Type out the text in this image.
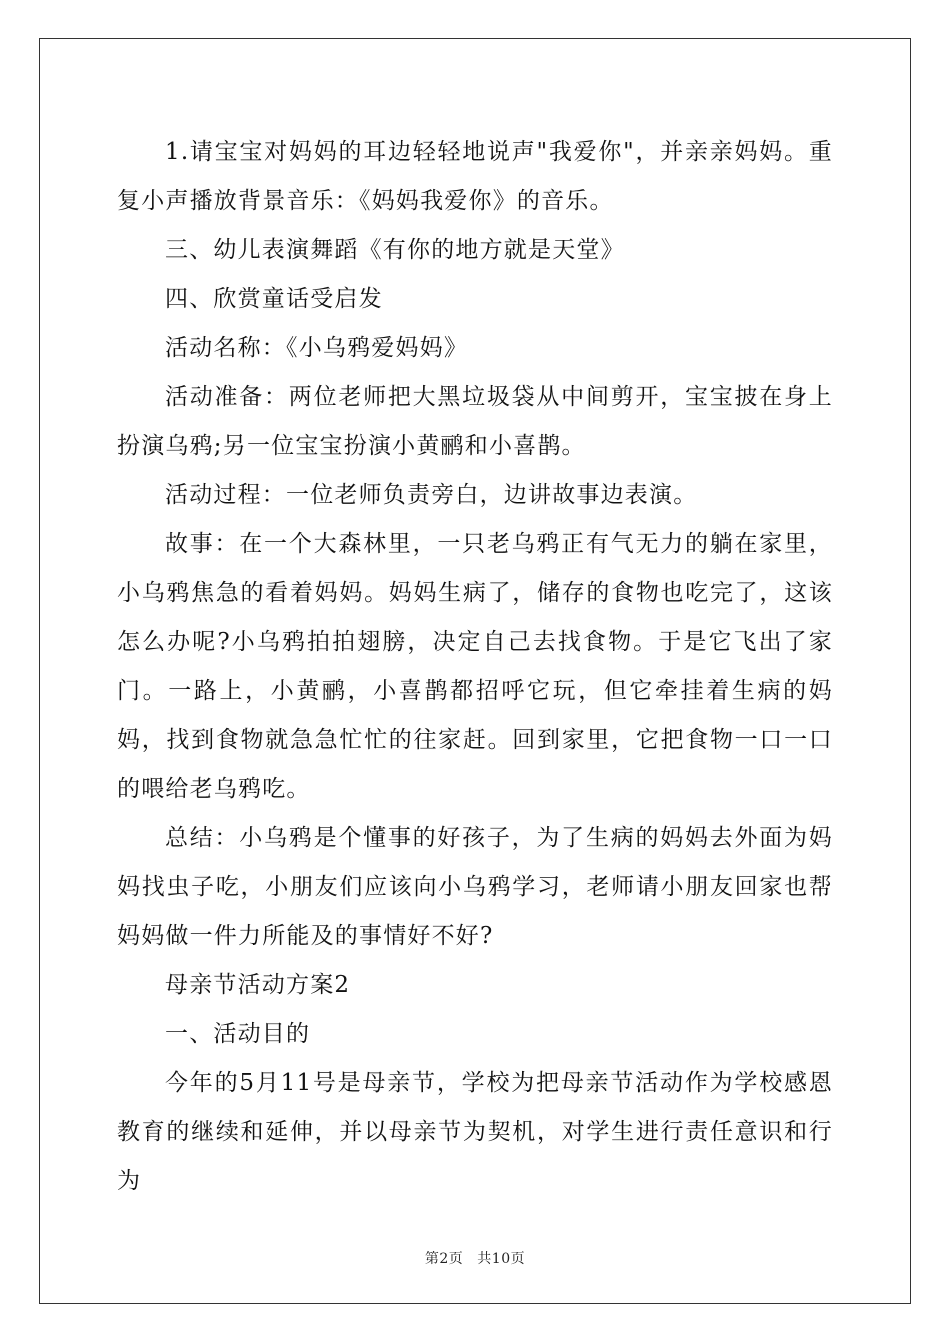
1.请宝宝对妈妈的耳边轻轻地说声"我爱你"，并亲亲妈妈。重复小声播放背景音乐：《妈妈我爱你》的音乐。

三、幼儿表演舞蹈《有你的地方就是天堂》

四、欣赏童话受启发

活动名称：《小乌鸦爱妈妈》

活动准备：两位老师把大黑垃圾袋从中间剪开，宝宝披在身上扮演乌鸦;另一位宝宝扮演小黄鹂和小喜鹊。

活动过程：一位老师负责旁白，边讲故事边表演。

故事：在一个大森林里，一只老乌鸦正有气无力的躺在家里，小乌鸦焦急的看着妈妈。妈妈生病了，储存的食物也吃完了，这该怎么办呢?小乌鸦拍拍翅膀，决定自己去找食物。于是它飞出了家门。一路上，小黄鹂，小喜鹊都招呼它玩，但它牵挂着生病的妈妈，找到食物就急急忙忙的往家赶。回到家里，它把食物一口一口的喂给老乌鸦吃。

总结：小乌鸦是个懂事的好孩子，为了生病的妈妈去外面为妈妈找虫子吃，小朋友们应该向小乌鸦学习，老师请小朋友回家也帮妈妈做一件力所能及的事情好不好?

母亲节活动方案2

一、活动目的

今年的5月11号是母亲节，学校为把母亲节活动作为学校感恩教育的继续和延伸，并以母亲节为契机，对学生进行责任意识和行为

第2页 共10页
